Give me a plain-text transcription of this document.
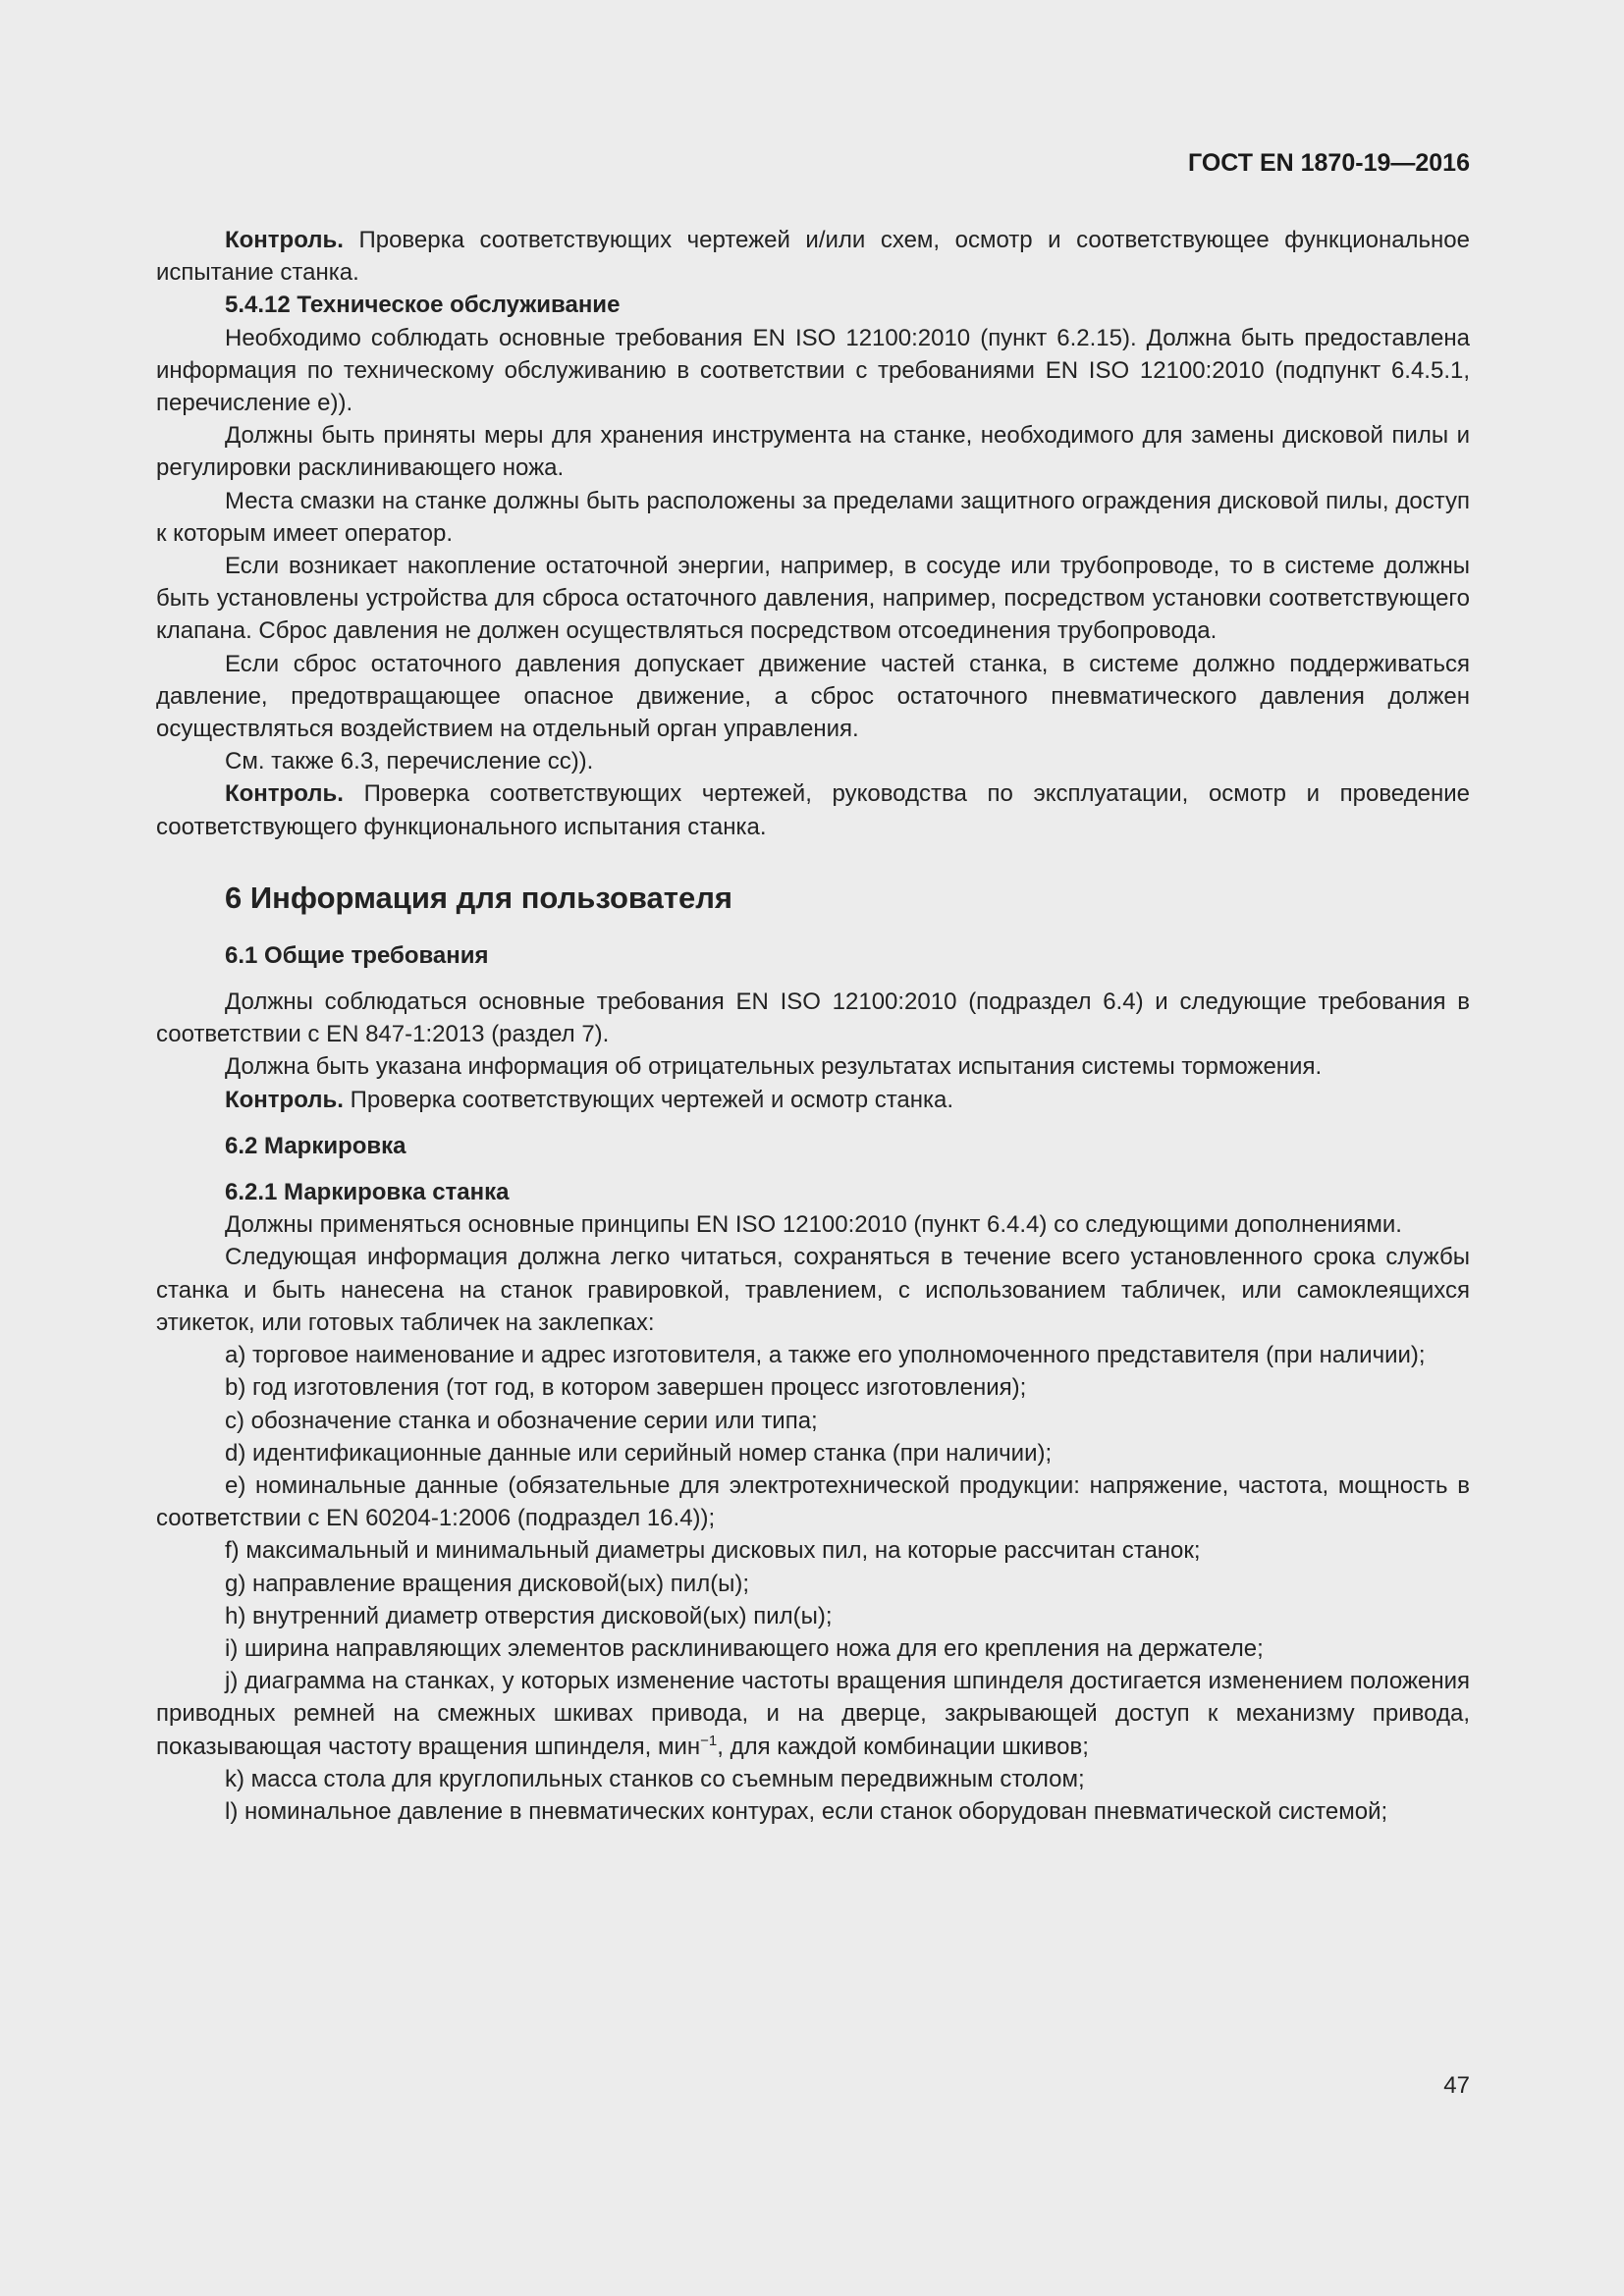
ГОСТ EN 1870-19—2016

Контроль. Проверка соответствующих чертежей и/или схем, осмотр и соответствующее функциональное испытание станка.

5.4.12 Техническое обслуживание

Необходимо соблюдать основные требования EN ISO 12100:2010 (пункт 6.2.15). Должна быть предоставлена информация по техническому обслуживанию в соответствии с требованиями EN ISO 12100:2010 (подпункт 6.4.5.1, перечисление е)).

Должны быть приняты меры для хранения инструмента на станке, необходимого для замены дисковой пилы и регулировки расклинивающего ножа.

Места смазки на станке должны быть расположены за пределами защитного ограждения дисковой пилы, доступ к которым имеет оператор.

Если возникает накопление остаточной энергии, например, в сосуде или трубопроводе, то в системе должны быть установлены устройства для сброса остаточного давления, например, посредством установки соответствующего клапана. Сброс давления не должен осуществляться посредством отсоединения трубопровода.

Если сброс остаточного давления допускает движение частей станка, в системе должно поддерживаться давление, предотвращающее опасное движение, а сброс остаточного пневматического давления должен осуществляться воздействием на отдельный орган управления.

См. также 6.3, перечисление cc)).

Контроль. Проверка соответствующих чертежей, руководства по эксплуатации, осмотр и проведение соответствующего функционального испытания станка.

6 Информация для пользователя

6.1 Общие требования

Должны соблюдаться основные требования EN ISO 12100:2010 (подраздел 6.4) и следующие требования в соответствии с EN 847-1:2013 (раздел 7).

Должна быть указана информация об отрицательных результатах испытания системы торможения.

Контроль. Проверка соответствующих чертежей и осмотр станка.

6.2 Маркировка

6.2.1 Маркировка станка

Должны применяться основные принципы EN ISO 12100:2010 (пункт 6.4.4) со следующими дополнениями.

Следующая информация должна легко читаться, сохраняться в течение всего установленного срока службы станка и быть нанесена на станок гравировкой, травлением, с использованием табличек, или самоклеящихся этикеток, или готовых табличек на заклепках:

a) торговое наименование и адрес изготовителя, а также его уполномоченного представителя (при наличии);

b) год изготовления (тот год, в котором завершен процесс изготовления);

c) обозначение станка и обозначение серии или типа;

d) идентификационные данные или серийный номер станка (при наличии);

e) номинальные данные (обязательные для электротехнической продукции: напряжение, частота, мощность в соответствии с EN 60204-1:2006 (подраздел 16.4));

f) максимальный и минимальный диаметры дисковых пил, на которые рассчитан станок;

g) направление вращения дисковой(ых) пил(ы);

h) внутренний диаметр отверстия дисковой(ых) пил(ы);

i) ширина направляющих элементов расклинивающего ножа для его крепления на держателе;

j) диаграмма на станках, у которых изменение частоты вращения шпинделя достигается изменением положения приводных ремней на смежных шкивах привода, и на дверце, закрывающей доступ к механизму привода, показывающая частоту вращения шпинделя, мин$^{-1}$, для каждой комбинации шкивов;

k) масса стола для круглопильных станков со съемным передвижным столом;

l) номинальное давление в пневматических контурах, если станок оборудован пневматической системой;

47
